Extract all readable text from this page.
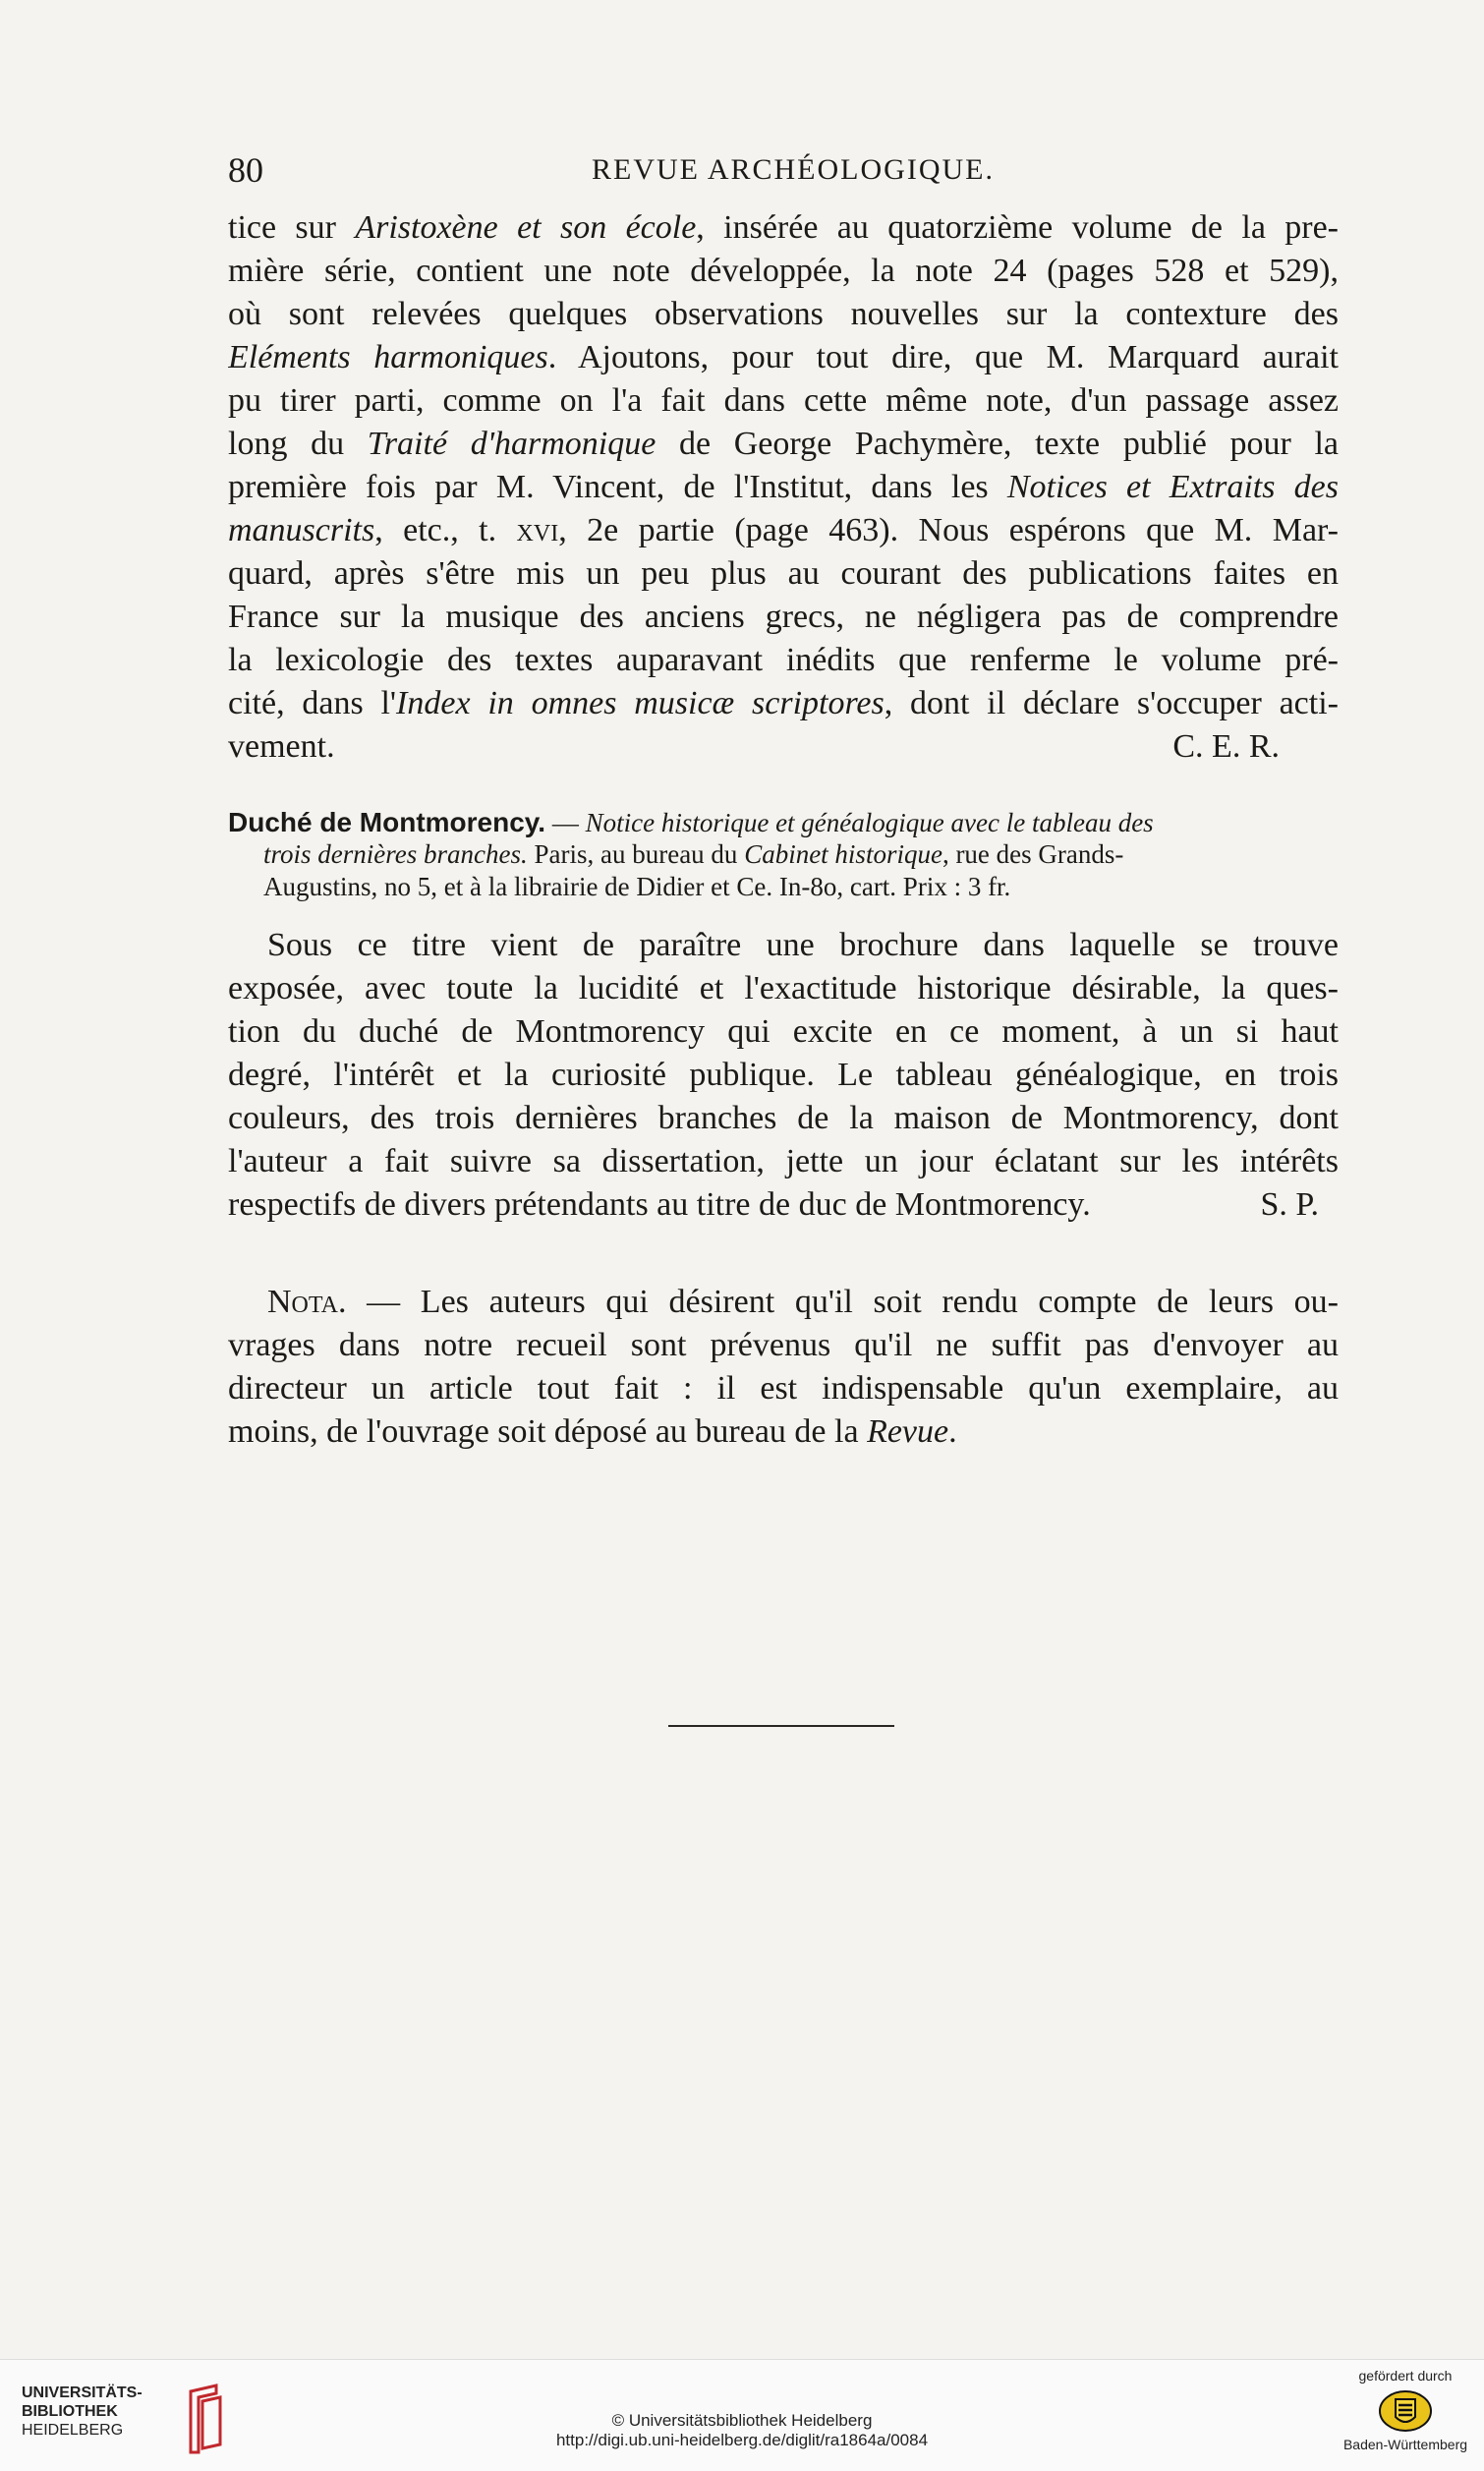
80	REVUE ARCHÉOLOGIQUE.
tice sur Aristoxène et son école, insérée au quatorzième volume de la pre-
mière série, contient une note développée, la note 24 (pages 528 et 529),
où sont relevées quelques observations nouvelles sur la contexture des
Eléments harmoniques. Ajoutons, pour tout dire, que M. Marquard aurait
pu tirer parti, comme on l'a fait dans cette même note, d'un passage assez
long du Traité d'harmonique de George Pachymère, texte publié pour la
première fois par M. Vincent, de l'Institut, dans les Notices et Extraits des
manuscrits, etc., t. xvi, 2e partie (page 463). Nous espérons que M. Mar-
quard, après s'être mis un peu plus au courant des publications faites en
France sur la musique des anciens grecs, ne négligera pas de comprendre
la lexicologie des textes auparavant inédits que renferme le volume pré-
cité, dans l'Index in omnes musicæ scriptores, dont il déclare s'occuper acti-
vement.	C. E. R.
Duché de Montmorency. — Notice historique et généalogique avec le tableau des
trois dernières branches. Paris, au bureau du Cabinet historique, rue des Grands-
Augustins, no 5, et à la librairie de Didier et Ce. In-8o, cart. Prix : 3 fr.
Sous ce titre vient de paraître une brochure dans laquelle se trouve
exposée, avec toute la lucidité et l'exactitude historique désirable, la ques-
tion du duché de Montmorency qui excite en ce moment, à un si haut
degré, l'intérêt et la curiosité publique. Le tableau généalogique, en trois
couleurs, des trois dernières branches de la maison de Montmorency, dont
l'auteur a fait suivre sa dissertation, jette un jour éclatant sur les intérêts
respectifs de divers prétendants au titre de duc de Montmorency.	S. P.
Nota. — Les auteurs qui désirent qu'il soit rendu compte de leurs ou-
vrages dans notre recueil sont prévenus qu'il ne suffit pas d'envoyer au
directeur un article tout fait : il est indispensable qu'un exemplaire, au
moins, de l'ouvrage soit déposé au bureau de la Revue.
UNIVERSITÄTS-
BIBLIOTHEK
HEIDELBERG
© Universitätsbibliothek Heidelberg
http://digi.ub.uni-heidelberg.de/diglit/ra1864a/0084
gefördert durch
Baden-Württemberg
